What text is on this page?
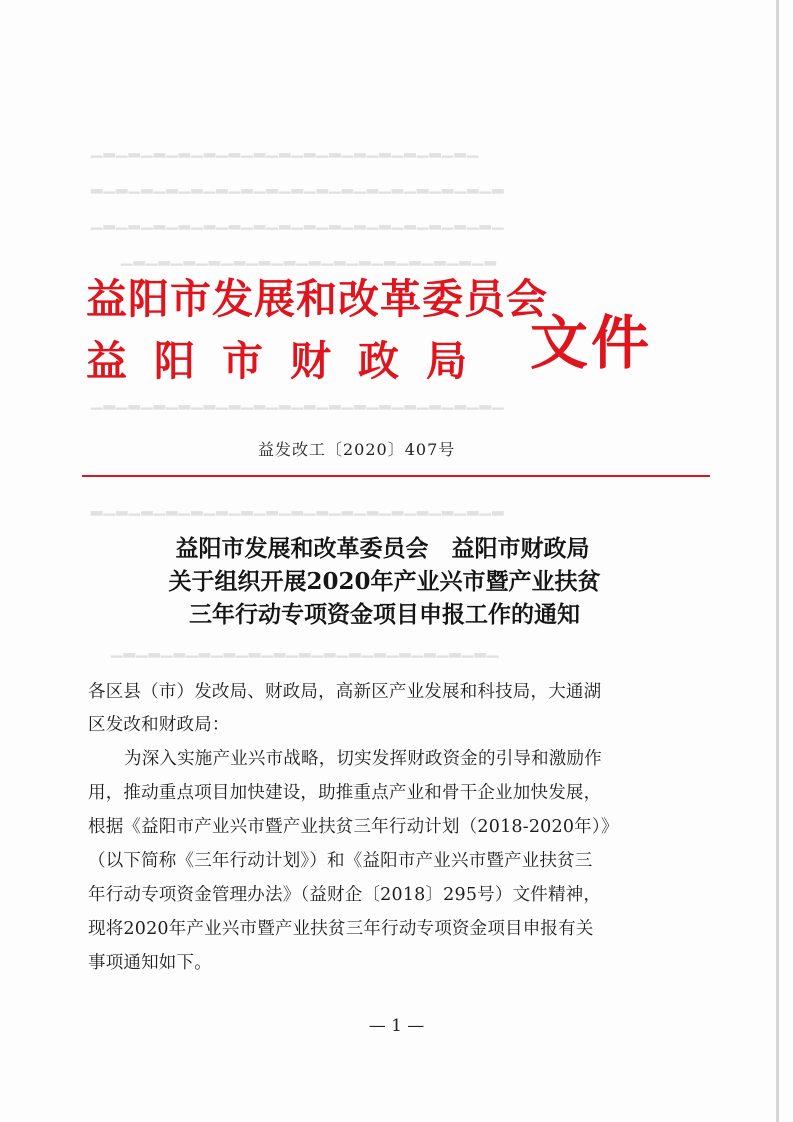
▁▂▁▂▁▂▁▂▁▂▁▂▁▂▁▂▁▂▁▂▁▂▁▂▁▂▁▂▁▂▁
▂▁▂▁▂▁▂▁▂▁▂▁▂▁▂▁▂▁▂▁▂▁▂▁▂▁▂▁▂▁▂▁▂
▁▂▁▂▁▂▁▂▁▂▁▂▁▂▁▂▁▂▁▂▁▂▁▂▁▂▁▂▁▂▁▂▁
▂▁▂▁▂▁▂▁▂▁▂▁▂▁▂▁▂▁▂▁▂▁▂▁▂▁▂▁▂▁
▁▂▁▂▁▂▁▂▁▂▁▂▁▂▁▂▁▂▁▂▁▂▁▂▁▂▁▂▁▂▁▂▁
▂▁▂▁▂▁▂▁▂▁▂▁▂▁▂▁▂▁▂▁▂▁▂▁▂▁▂▁▂▁▂▁▂
▁▂▁▂▁▂▁▂▁▂▁▂▁▂▁▂▁▂▁▂▁▂▁▂▁▂▁▂▁▂▁
益阳市发展和改革委员会
益阳市财政局 文件
益发改工〔2020〕407号
益阳市发展和改革委员会　益阳市财政局
关于组织开展2020年产业兴市暨产业扶贫
三年行动专项资金项目申报工作的通知
各区县（市）发改局、财政局，高新区产业发展和科技局，大通湖
区发改和财政局：
为深入实施产业兴市战略，切实发挥财政资金的引导和激励作
用，推动重点项目加快建设，助推重点产业和骨干企业加快发展，
根据《益阳市产业兴市暨产业扶贫三年行动计划（2018-2020年）》
（以下简称《三年行动计划》）和《益阳市产业兴市暨产业扶贫三
年行动专项资金管理办法》（益财企〔2018〕295号）文件精神，
现将2020年产业兴市暨产业扶贫三年行动专项资金项目申报有关
事项通知如下。
— 1 —
